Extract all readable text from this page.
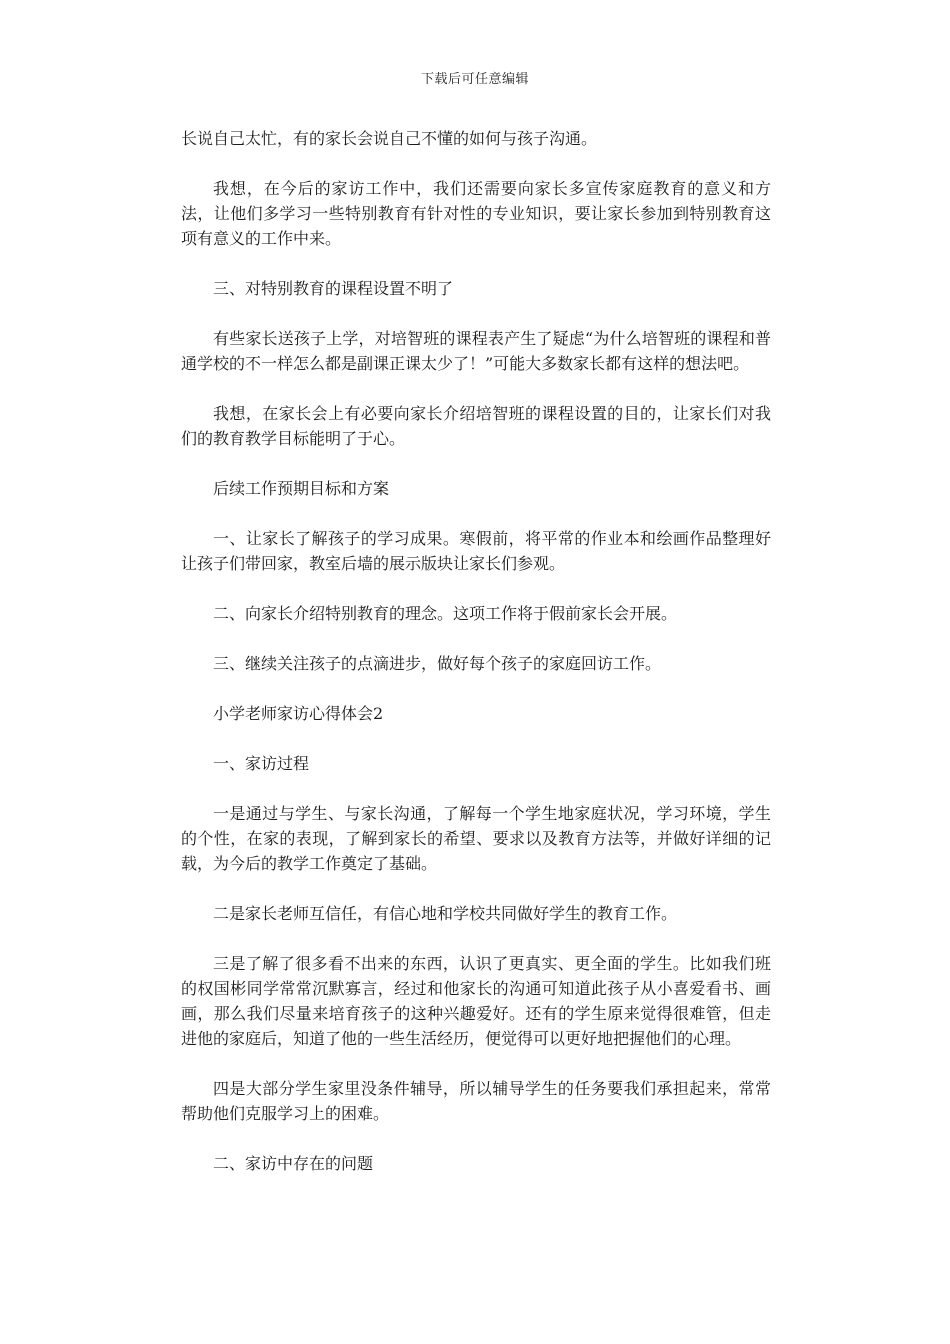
下载后可任意编辑

长说自己太忙，有的家长会说自己不懂的如何与孩子沟通。

我想，在今后的家访工作中，我们还需要向家长多宣传家庭教育的意义和方法，让他们多学习一些特别教育有针对性的专业知识，要让家长参加到特别教育这项有意义的工作中来。

三、对特别教育的课程设置不明了

有些家长送孩子上学，对培智班的课程表产生了疑虑“为什么培智班的课程和普通学校的不一样怎么都是副课正课太少了！”可能大多数家长都有这样的想法吧。

我想，在家长会上有必要向家长介绍培智班的课程设置的目的，让家长们对我们的教育教学目标能明了于心。

后续工作预期目标和方案

一、让家长了解孩子的学习成果。寒假前，将平常的作业本和绘画作品整理好让孩子们带回家，教室后墙的展示版块让家长们参观。

二、向家长介绍特别教育的理念。这项工作将于假前家长会开展。

三、继续关注孩子的点滴进步，做好每个孩子的家庭回访工作。

小学老师家访心得体会2

一、家访过程

一是通过与学生、与家长沟通，了解每一个学生地家庭状况，学习环境，学生的个性，在家的表现，了解到家长的希望、要求以及教育方法等，并做好详细的记载，为今后的教学工作奠定了基础。

二是家长老师互信任，有信心地和学校共同做好学生的教育工作。

三是了解了很多看不出来的东西，认识了更真实、更全面的学生。比如我们班的权国彬同学常常沉默寡言，经过和他家长的沟通可知道此孩子从小喜爱看书、画画，那么我们尽量来培育孩子的这种兴趣爱好。还有的学生原来觉得很难管，但走进他的家庭后，知道了他的一些生活经历，便觉得可以更好地把握他们的心理。

四是大部分学生家里没条件辅导，所以辅导学生的任务要我们承担起来，常常帮助他们克服学习上的困难。

二、家访中存在的问题
